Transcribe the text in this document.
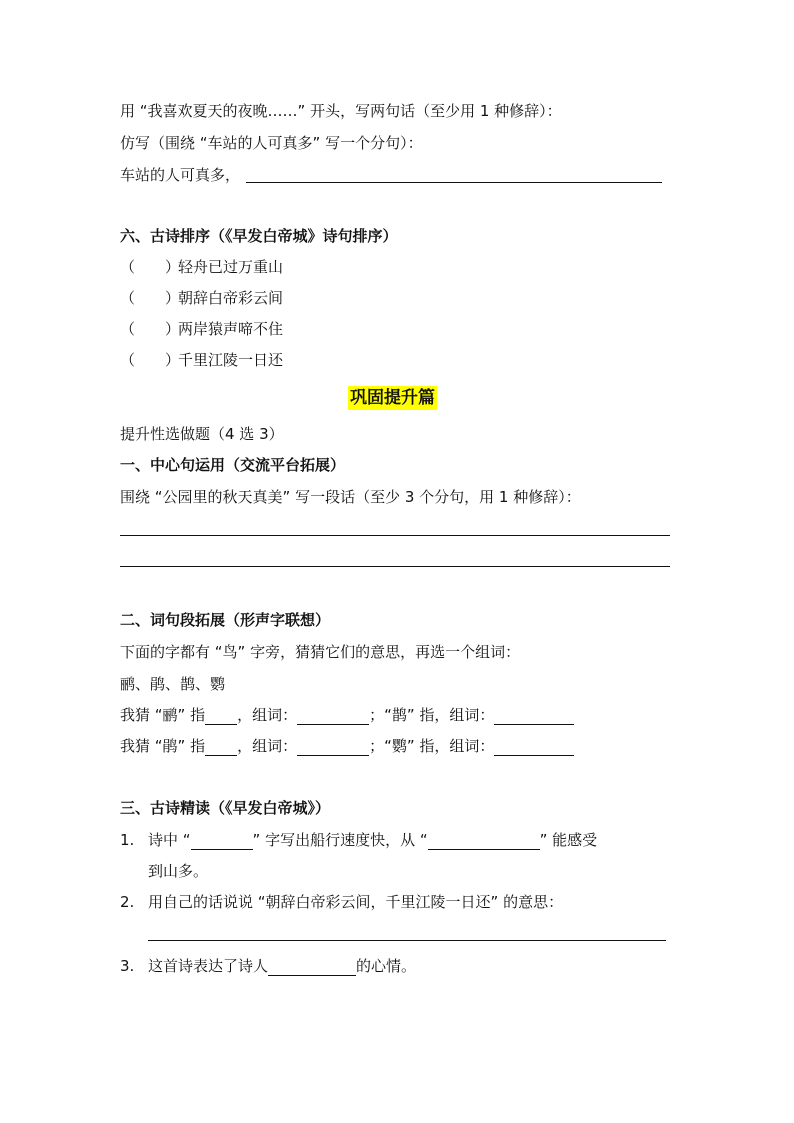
用 “我喜欢夏天的夜晚……” 开头，写两句话（至少用 1 种修辞）：
仿写（围绕 “车站的人可真多” 写一个分句）：
车站的人可真多，
六、古诗排序（《早发白帝城》诗句排序）
（　　）轻舟已过万重山
（　　）朝辞白帝彩云间
（　　）两岸猿声啼不住
（　　）千里江陵一日还
巩固提升篇
提升性选做题（4 选 3）
一、中心句运用（交流平台拓展）
围绕 “公园里的秋天真美” 写一段话（至少 3 个分句，用 1 种修辞）：
二、词句段拓展（形声字联想）
下面的字都有 “鸟” 字旁，猜猜它们的意思，再选一个组词：
鹂、鹃、鹊、鹦
我猜 “鹂” 指 ，组词：	；“鹊” 指，组词：
我猜 “鹃” 指 ，组词：	；“鹦” 指，组词：
三、古诗精读（《早发白帝城》）
1. 诗中 “	” 字写出船行速度快，从 “	” 能感受
到山多。
2. 用自己的话说说 “朝辞白帝彩云间，千里江陵一日还” 的意思：
3. 这首诗表达了诗人	的心情。
